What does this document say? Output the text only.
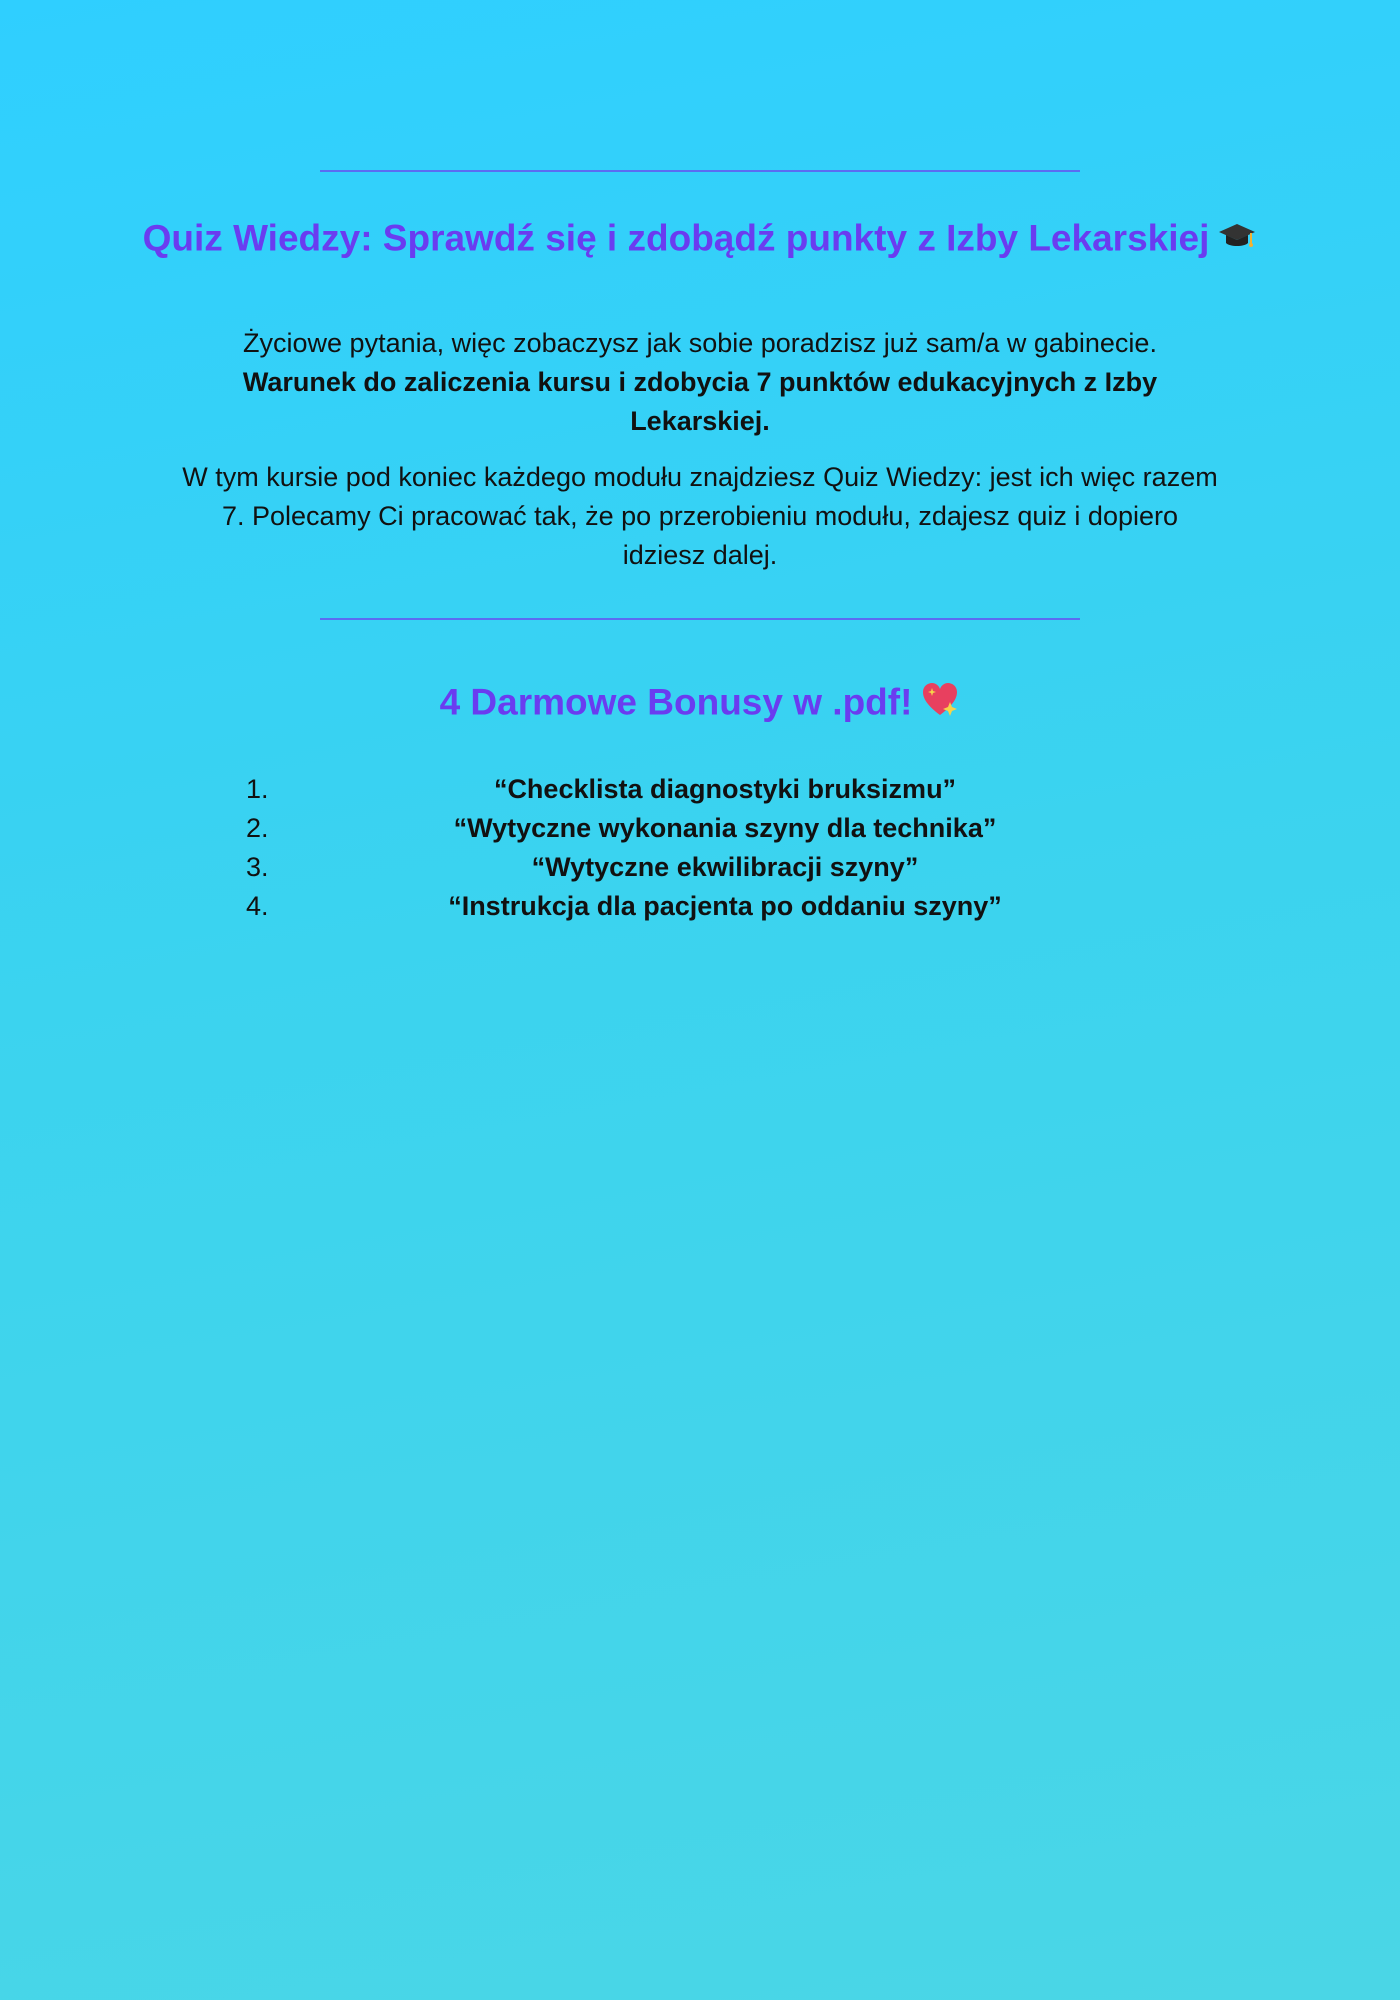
Quiz Wiedzy: Sprawdź się i zdobądź punkty z Izby Lekarskiej
Życiowe pytania, więc zobaczysz jak sobie poradzisz już sam/a w gabinecie.
Warunek do zaliczenia kursu i zdobycia 7 punktów edukacyjnych z Izby Lekarskiej.
W tym kursie pod koniec każdego modułu znajdziesz Quiz Wiedzy: jest ich więc razem 7. Polecamy Ci pracować tak, że po przerobieniu modułu, zdajesz quiz i dopiero idziesz dalej.
4 Darmowe Bonusy w .pdf!
1.	“Checklista diagnostyki bruksizmu”
2.	“Wytyczne wykonania szyny dla technika”
3.	“Wytyczne ekwilibracji szyny”
4.	“Instrukcja dla pacjenta po oddaniu szyny”
